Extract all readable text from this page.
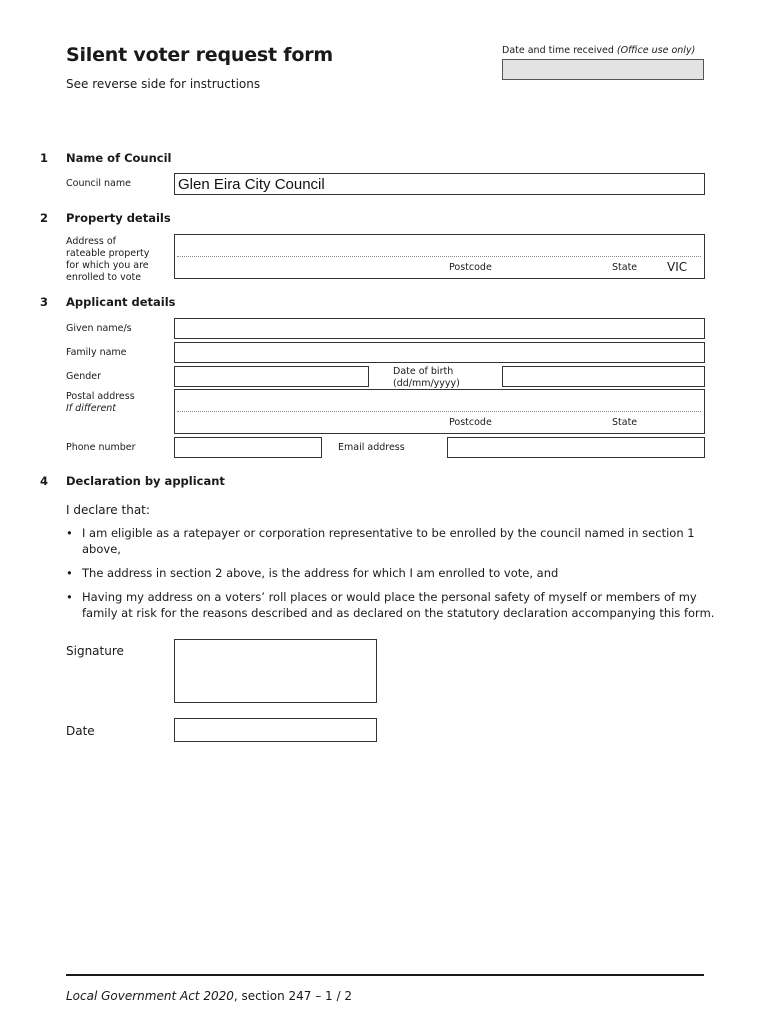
Silent voter request form
See reverse side for instructions
Date and time received (Office use only)
1 Name of Council
Council name	Glen Eira City Council
2 Property details
Address of
rateable property
for which you are
enrolled to vote
Postcode	State VIC
3 Applicant details
Given name/s
Family name
Gender	Date of birth
(dd/mm/yyyy)
Postal address
If different
Postcode	State
Phone number	Email address
4 Declaration by applicant
I declare that:
• I am eligible as a ratepayer or corporation representative to be enrolled by the council named in section 1 above,
• The address in section 2 above, is the address for which I am enrolled to vote, and
• Having my address on a voters’ roll places or would place the personal safety of myself or members of my family at risk for the reasons described and as declared on the statutory declaration accompanying this form.
Signature
Date
Local Government Act 2020, section 247 – 1 / 2
